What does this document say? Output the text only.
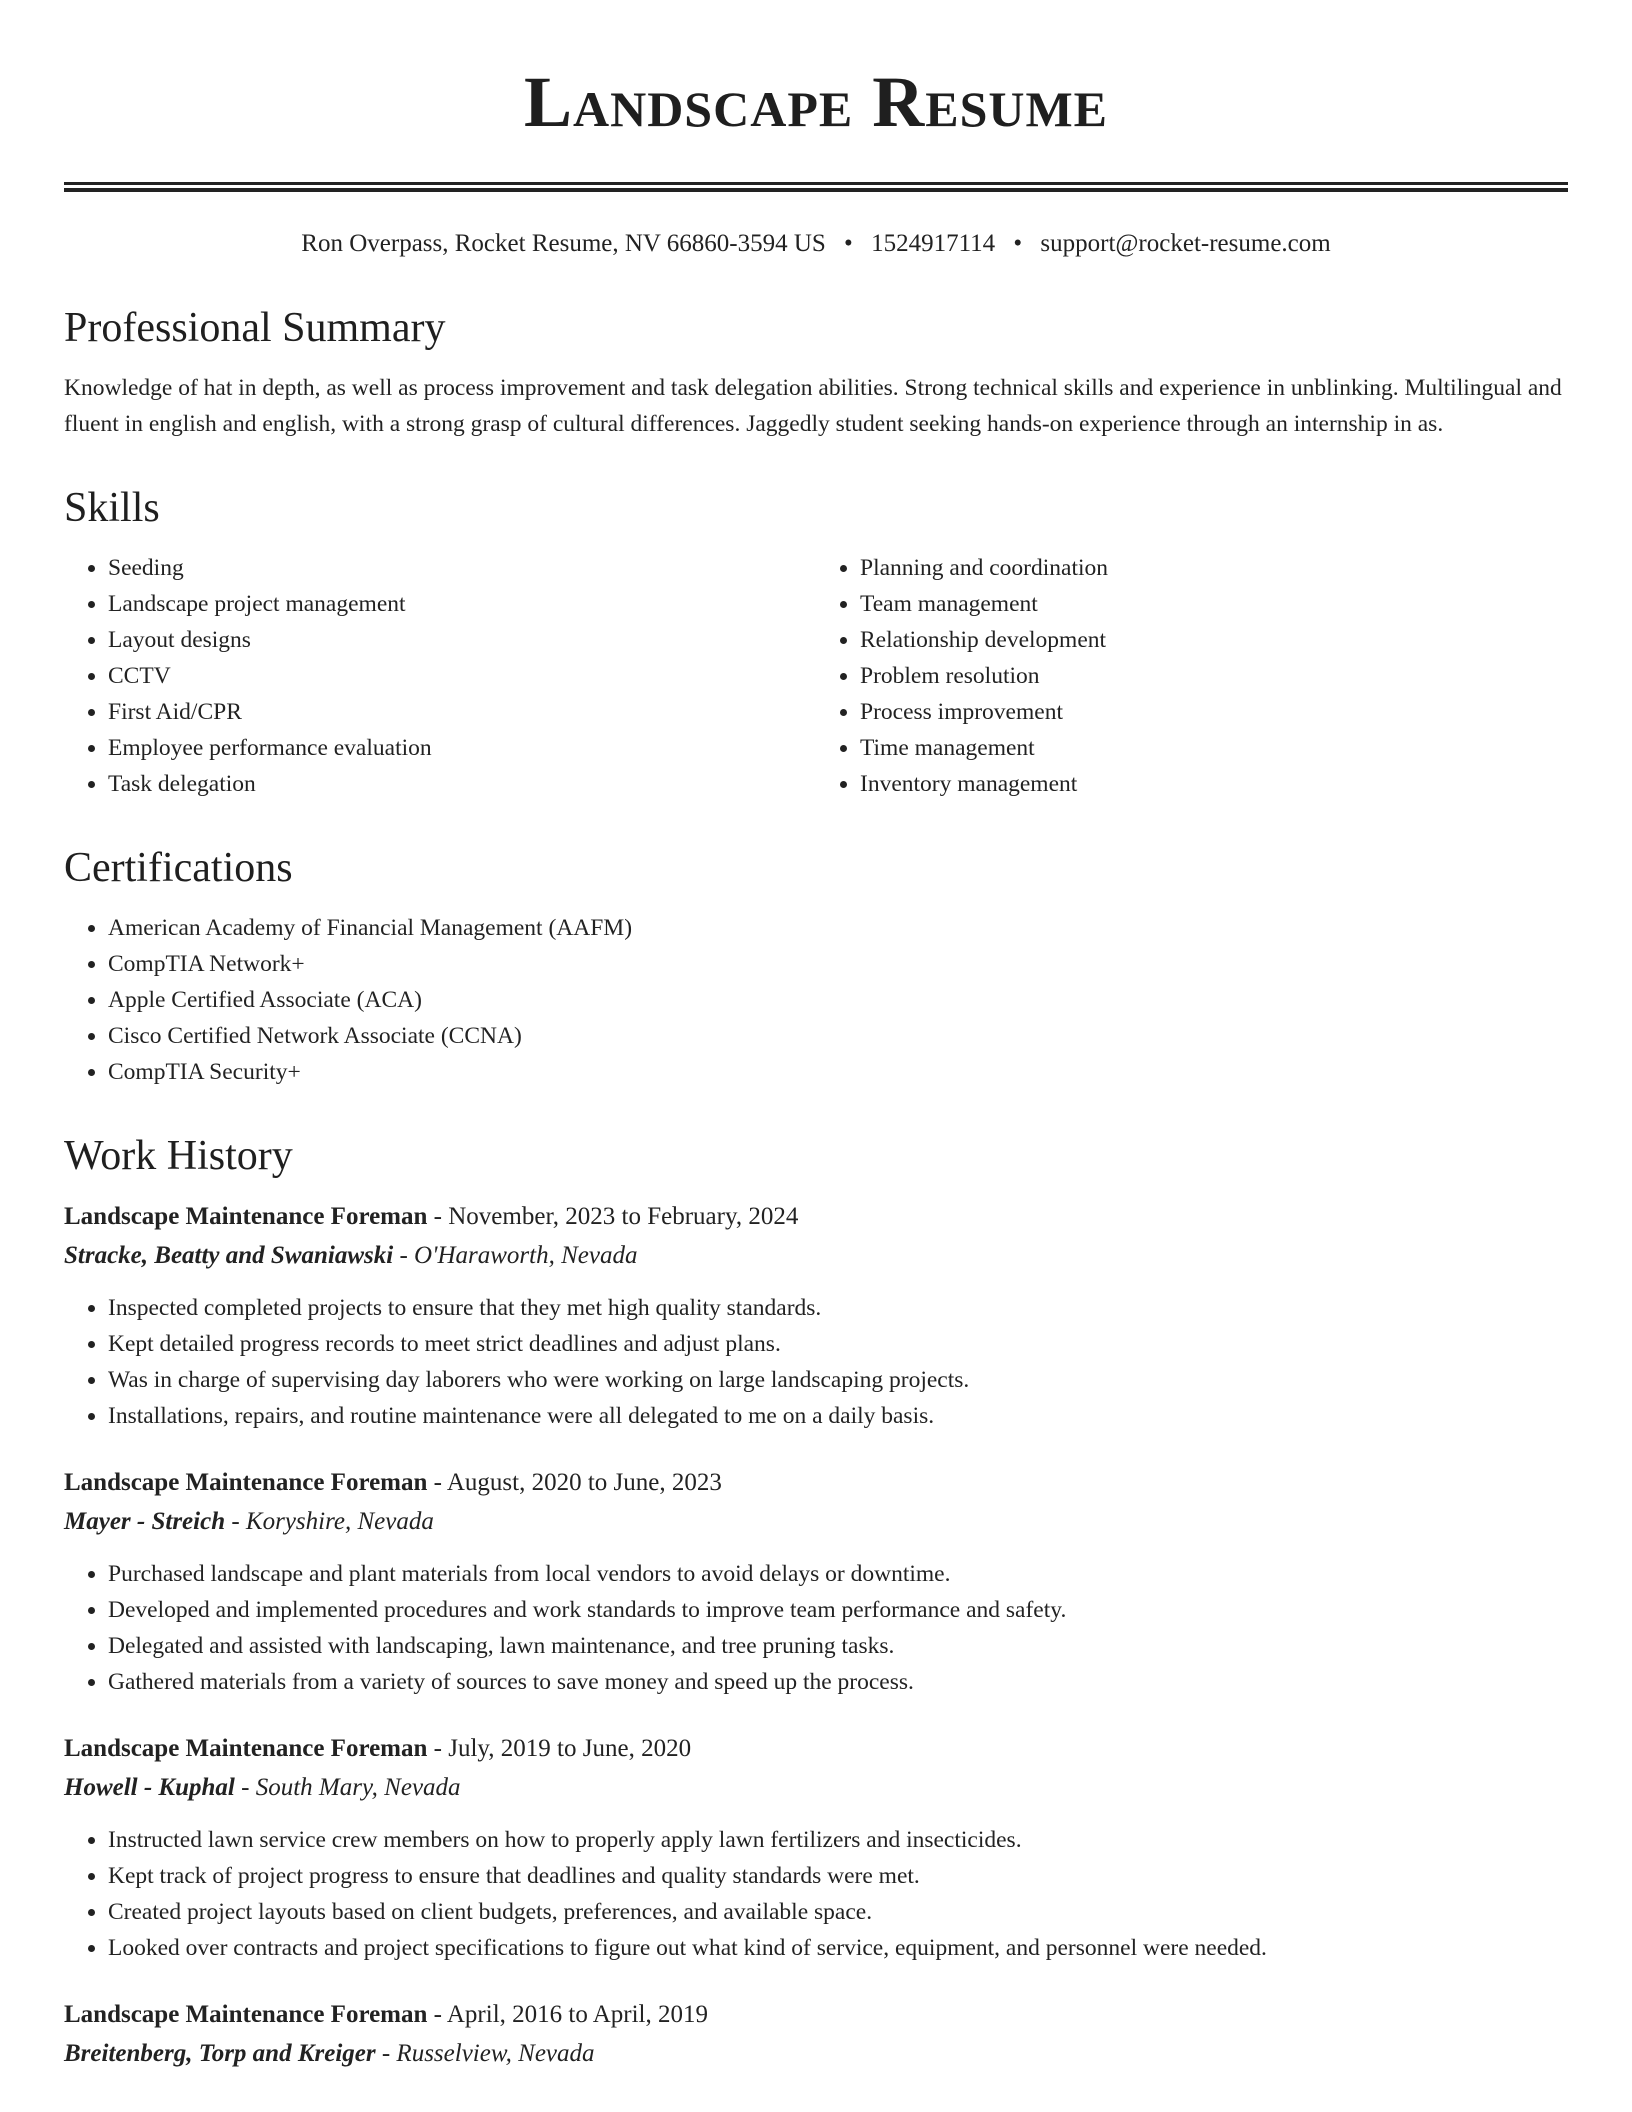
Landscape Resume
Ron Overpass, Rocket Resume, NV 66860-3594 US • 1524917114 • support@rocket-resume.com
Professional Summary

Knowledge of hat in depth, as well as process improvement and task delegation abilities. Strong technical skills and experience in unblinking. Multilingual and fluent in english and english, with a strong grasp of cultural differences. Jaggedly student seeking hands-on experience through an internship in as.

Skills
• Seeding
• Landscape project management
• Layout designs
• CCTV
• First Aid/CPR
• Employee performance evaluation
• Task delegation
• Planning and coordination
• Team management
• Relationship development
• Problem resolution
• Process improvement
• Time management
• Inventory management
Certifications
• American Academy of Financial Management (AAFM)
• CompTIA Network+
• Apple Certified Associate (ACA)
• Cisco Certified Network Associate (CCNA)
• CompTIA Security+
Work History
Landscape Maintenance Foreman - November, 2023 to February, 2024
Stracke, Beatty and Swaniawski - O'Haraworth, Nevada
• Inspected completed projects to ensure that they met high quality standards.
• Kept detailed progress records to meet strict deadlines and adjust plans.
• Was in charge of supervising day laborers who were working on large landscaping projects.
• Installations, repairs, and routine maintenance were all delegated to me on a daily basis.
Landscape Maintenance Foreman - August, 2020 to June, 2023
Mayer - Streich - Koryshire, Nevada
• Purchased landscape and plant materials from local vendors to avoid delays or downtime.
• Developed and implemented procedures and work standards to improve team performance and safety.
• Delegated and assisted with landscaping, lawn maintenance, and tree pruning tasks.
• Gathered materials from a variety of sources to save money and speed up the process.
Landscape Maintenance Foreman - July, 2019 to June, 2020
Howell - Kuphal - South Mary, Nevada
• Instructed lawn service crew members on how to properly apply lawn fertilizers and insecticides.
• Kept track of project progress to ensure that deadlines and quality standards were met.
• Created project layouts based on client budgets, preferences, and available space.
• Looked over contracts and project specifications to figure out what kind of service, equipment, and personnel were needed.
Landscape Maintenance Foreman - April, 2016 to April, 2019
Breitenberg, Torp and Kreiger - Russelview, Nevada
